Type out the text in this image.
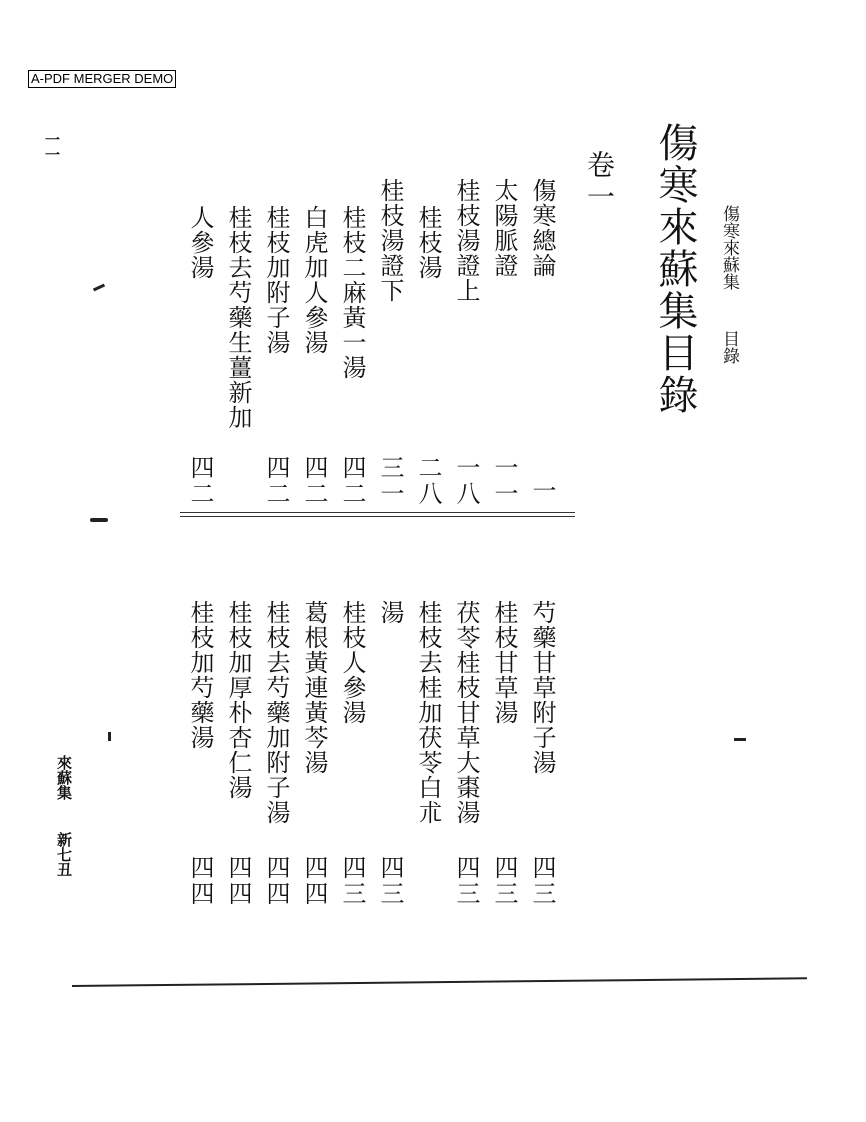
A-PDF MERGER DEMO
傷寒來蘇集目錄 傷寒來蘇集
目錄
卷一
傷寒總論
一
太陽脈證
一一
桂枝湯證上
一八
桂枝湯
二八
桂枝湯證下
三一
桂枝二麻黃一湯
四二
白虎加人參湯
四二
桂枝加附子湯
四二
桂枝去芍藥生薑新加
人參湯
四二
芍藥甘草附子湯
四三
桂枝甘草湯
四三
茯苓桂枝甘草大棗湯
四三
桂枝去桂加茯苓白朮
湯
四三
桂枝人參湯
四三
葛根黃連黃芩湯
四四
桂枝去芍藥加附子湯
四四
桂枝加厚朴杏仁湯
四四
桂枝加芍藥湯
四四
一一
來蘇集
新七丑
